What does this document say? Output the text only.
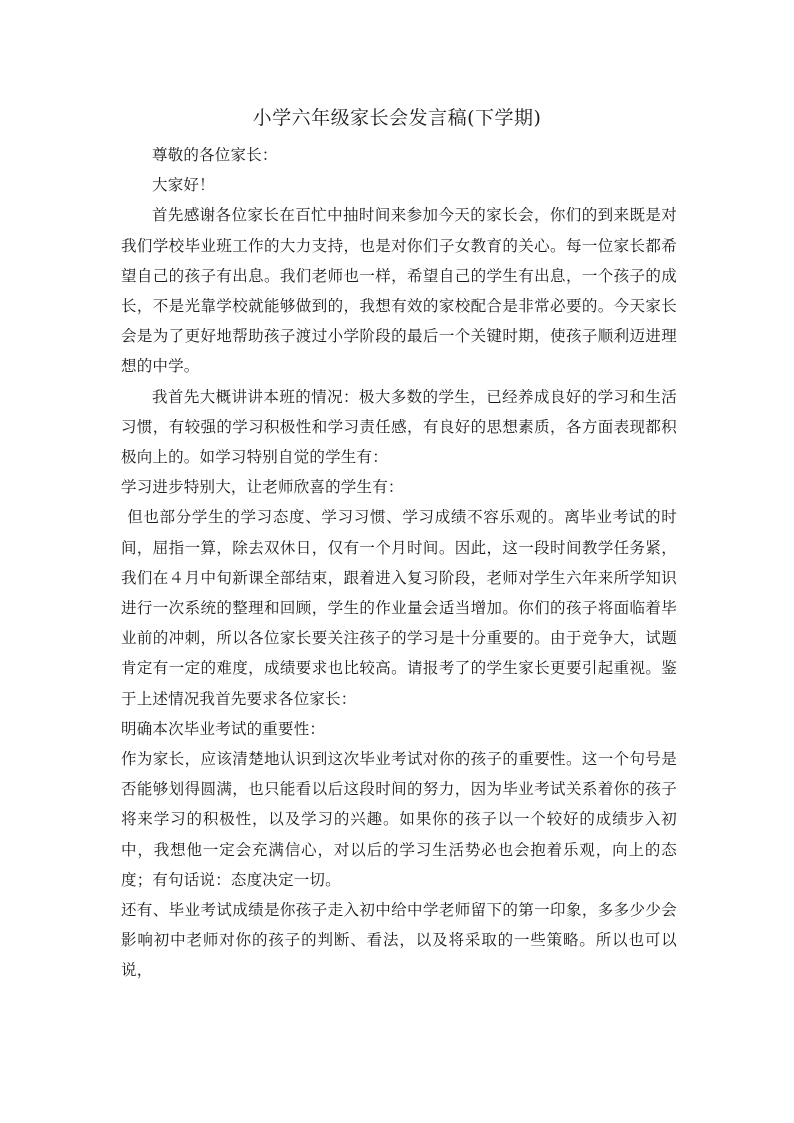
小学六年级家长会发言稿(下学期)

尊敬的各位家长：

大家好！

首先感谢各位家长在百忙中抽时间来参加今天的家长会，你们的到来既是对我们学校毕业班工作的大力支持，也是对你们子女教育的关心。每一位家长都希望自己的孩子有出息。我们老师也一样，希望自己的学生有出息，一个孩子的成长，不是光靠学校就能够做到的，我想有效的家校配合是非常必要的。今天家长会是为了更好地帮助孩子渡过小学阶段的最后一个关键时期，使孩子顺利迈进理想的中学。

我首先大概讲讲本班的情况：极大多数的学生，已经养成良好的学习和生活习惯，有较强的学习积极性和学习责任感，有良好的思想素质，各方面表现都积极向上的。如学习特别自觉的学生有：

学习进步特别大，让老师欣喜的学生有：

但也部分学生的学习态度、学习习惯、学习成绩不容乐观的。离毕业考试的时间，屈指一算，除去双休日，仅有一个月时间。因此，这一段时间教学任务紧，我们在４月中旬新课全部结束，跟着进入复习阶段，老师对学生六年来所学知识进行一次系统的整理和回顾，学生的作业量会适当增加。你们的孩子将面临着毕业前的冲刺，所以各位家长要关注孩子的学习是十分重要的。由于竞争大，试题肯定有一定的难度，成绩要求也比较高。请报考了的学生家长更要引起重视。鉴于上述情况我首先要求各位家长：

明确本次毕业考试的重要性：

作为家长，应该清楚地认识到这次毕业考试对你的孩子的重要性。这一个句号是否能够划得圆满，也只能看以后这段时间的努力，因为毕业考试关系着你的孩子将来学习的积极性，以及学习的兴趣。如果你的孩子以一个较好的成绩步入初中，我想他一定会充满信心，对以后的学习生活势必也会抱着乐观，向上的态度；有句话说：态度决定一切。

还有、毕业考试成绩是你孩子走入初中给中学老师留下的第一印象，多多少少会影响初中老师对你的孩子的判断、看法，以及将采取的一些策略。所以也可以说，
